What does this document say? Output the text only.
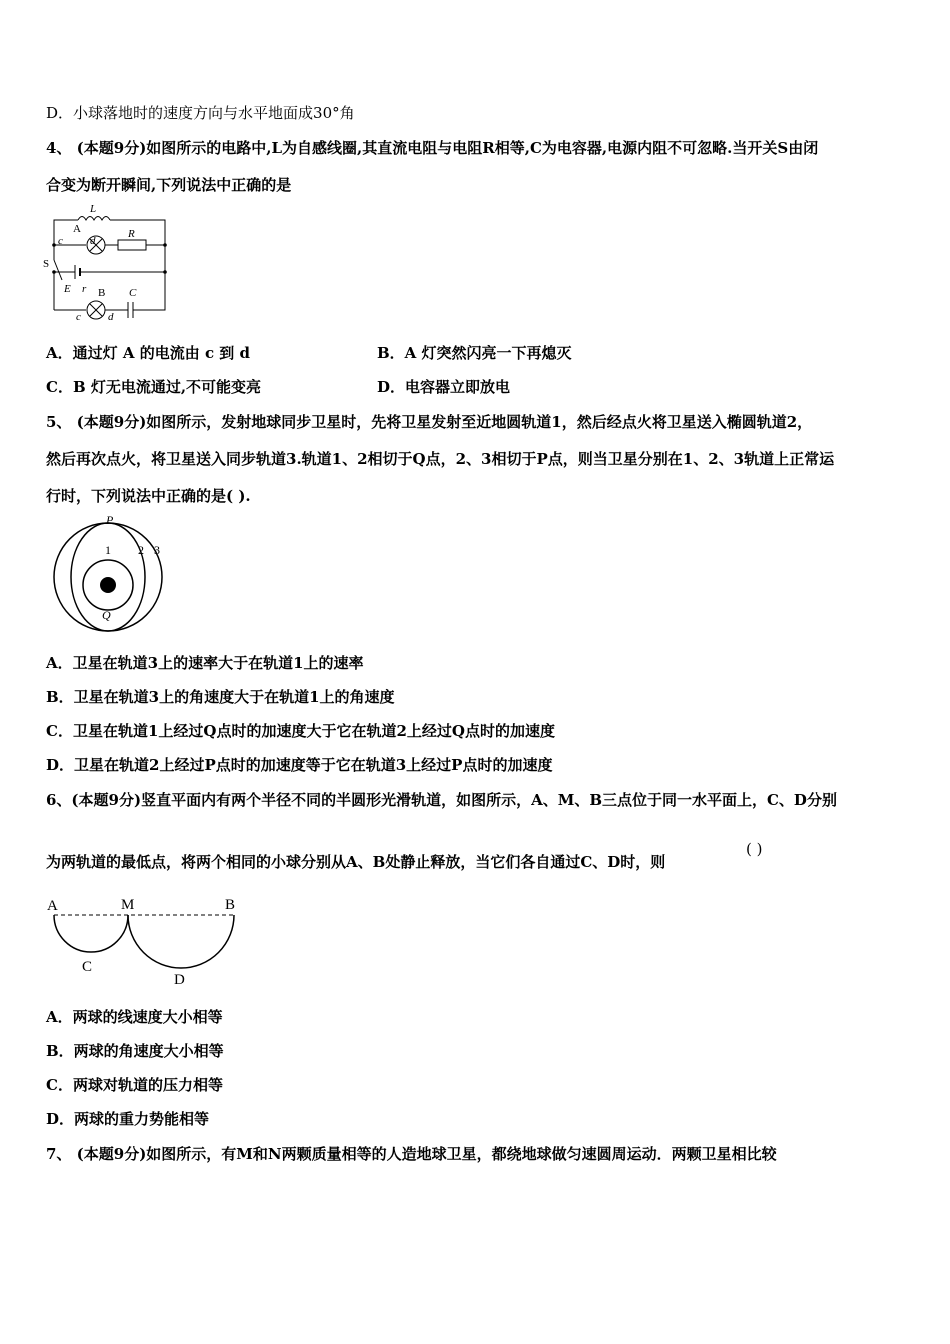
D．小球落地时的速度方向与水平地面成30°角
4、 (本题9分)如图所示的电路中,L为自感线圈,其直流电阻与电阻R相等,C为电容器,电源内阻不可忽略.当开关S由闭
合变为断开瞬间,下列说法中正确的是
L
A
c d
R
S
E r B C
c d
A．通过灯 A 的电流由 c 到 d	B．A 灯突然闪亮一下再熄灭
C．B 灯无电流通过,不可能变亮	D．电容器立即放电
5、 (本题9分)如图所示，发射地球同步卫星时，先将卫星发射至近地圆轨道1，然后经点火将卫星送入椭圆轨道2，
然后再次点火，将卫星送入同步轨道3.轨道1、2相切于Q点，2、3相切于P点，则当卫星分别在1、2、3轨道上正常运
行时，下列说法中正确的是( ).
P
Q
1 2 3
A．卫星在轨道3上的速率大于在轨道1上的速率
B．卫星在轨道3上的角速度大于在轨道1上的角速度
C．卫星在轨道1上经过Q点时的加速度大于它在轨道2上经过Q点时的加速度
D．卫星在轨道2上经过P点时的加速度等于它在轨道3上经过P点时的加速度
6、(本题9分)竖直平面内有两个半径不同的半圆形光滑轨道，如图所示，A、M、B三点位于同一水平面上，C、D分别
为两轨道的最低点，将两个相同的小球分别从A、B处静止释放，当它们各自通过C、D时，则
( )
A	M	B
C
D
A．两球的线速度大小相等
B．两球的角速度大小相等
C．两球对轨道的压力相等
D．两球的重力势能相等
7、 (本题9分)如图所示，有M和N两颗质量相等的人造地球卫星，都绕地球做匀速圆周运动．两颗卫星相比较
